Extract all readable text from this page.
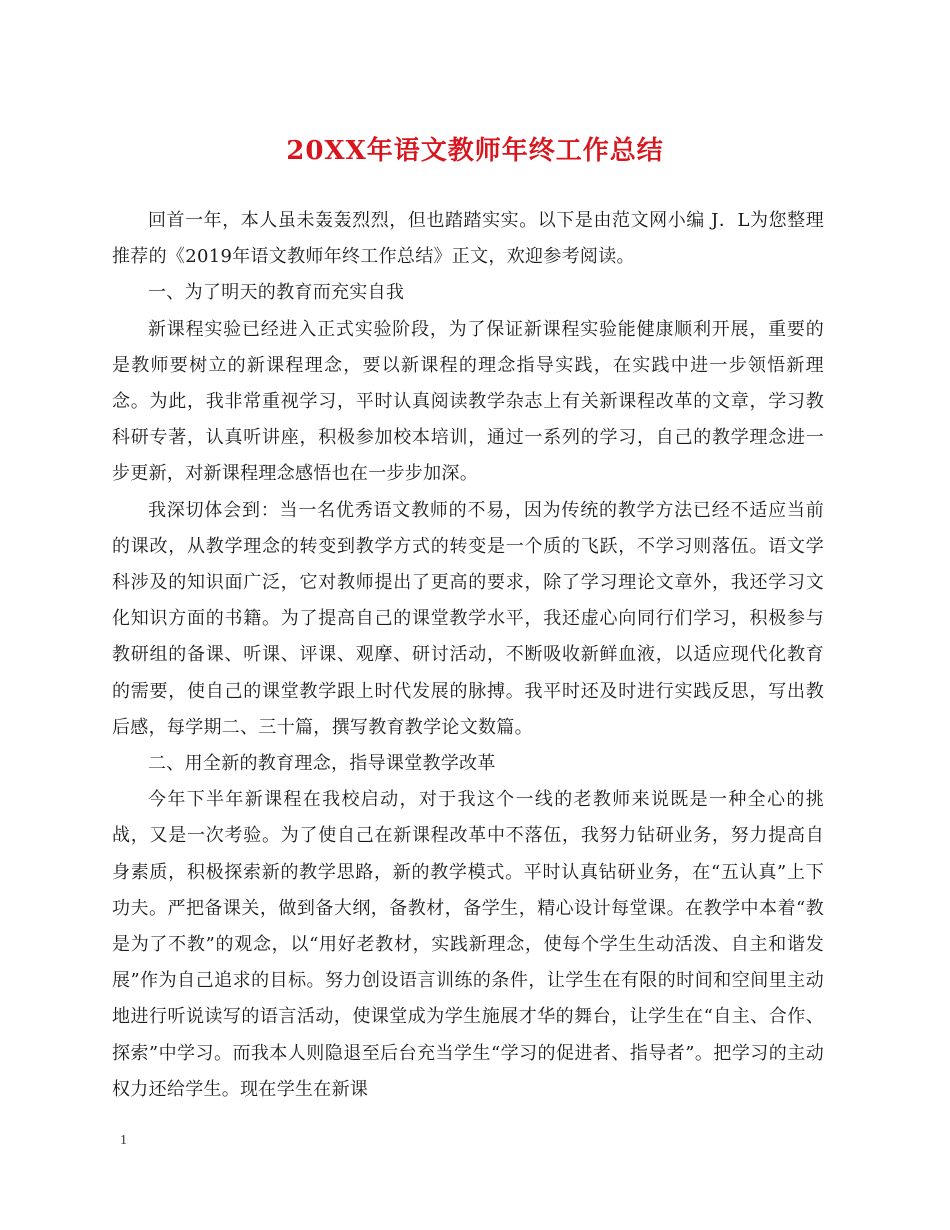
20XX年语文教师年终工作总结

回首一年，本人虽未轰轰烈烈，但也踏踏实实。以下是由范文网小编 J．L为您整理推荐的《2019年语文教师年终工作总结》正文，欢迎参考阅读。

一、为了明天的教育而充实自我

新课程实验已经进入正式实验阶段，为了保证新课程实验能健康顺利开展，重要的是教师要树立的新课程理念，要以新课程的理念指导实践，在实践中进一步领悟新理念。为此，我非常重视学习，平时认真阅读教学杂志上有关新课程改革的文章，学习教科研专著，认真听讲座，积极参加校本培训，通过一系列的学习，自己的教学理念进一步更新，对新课程理念感悟也在一步步加深。

我深切体会到：当一名优秀语文教师的不易，因为传统的教学方法已经不适应当前的课改，从教学理念的转变到教学方式的转变是一个质的飞跃，不学习则落伍。语文学科涉及的知识面广泛，它对教师提出了更高的要求，除了学习理论文章外，我还学习文化知识方面的书籍。为了提高自己的课堂教学水平，我还虚心向同行们学习，积极参与教研组的备课、听课、评课、观摩、研讨活动，不断吸收新鲜血液，以适应现代化教育的需要，使自己的课堂教学跟上时代发展的脉搏。我平时还及时进行实践反思，写出教后感，每学期二、三十篇，撰写教育教学论文数篇。

二、用全新的教育理念，指导课堂教学改革

今年下半年新课程在我校启动，对于我这个一线的老教师来说既是一种全心的挑战，又是一次考验。为了使自己在新课程改革中不落伍，我努力钻研业务，努力提高自身素质，积极探索新的教学思路，新的教学模式。平时认真钻研业务，在“五认真”上下功夫。严把备课关，做到备大纲，备教材，备学生，精心设计每堂课。在教学中本着“教是为了不教”的观念，以“用好老教材，实践新理念，使每个学生生动活泼、自主和谐发展”作为自己追求的目标。努力创设语言训练的条件，让学生在有限的时间和空间里主动地进行听说读写的语言活动，使课堂成为学生施展才华的舞台，让学生在“自主、合作、探索”中学习。而我本人则隐退至后台充当学生“学习的促进者、指导者”。把学习的主动权力还给学生。现在学生在新课

1
